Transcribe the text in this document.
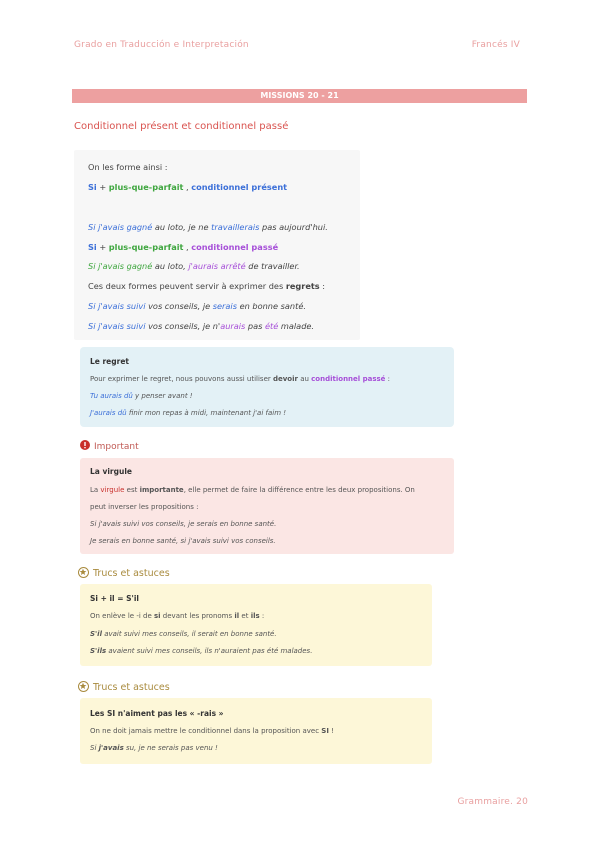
Grado en Traducción e Interpretación	Francés IV
MISSIONS 20 - 21
Conditionnel présent et conditionnel passé
On les forme ainsi :
Si + plus-que-parfait , conditionnel présent
Si j'avais gagné au loto, je ne travaillerais pas aujourd'hui.
Si + plus-que-parfait , conditionnel passé
Si j'avais gagné au loto, j'aurais arrêté de travailler.
Ces deux formes peuvent servir à exprimer des regrets :
Si j'avais suivi vos conseils, je serais en bonne santé.
Si j'avais suivi vos conseils, je n'aurais pas été malade.
Le regret
Pour exprimer le regret, nous pouvons aussi utiliser devoir au conditionnel passé :
Tu aurais dû y penser avant !
J'aurais dû finir mon repas à midi, maintenant j'ai faim !
Important
La virgule
La virgule est importante, elle permet de faire la différence entre les deux propositions. On
peut inverser les propositions :
Si j'avais suivi vos conseils, je serais en bonne santé.
Je serais en bonne santé, si j'avais suivi vos conseils.
Trucs et astuces
Si + il = S'il
On enlève le -i de si devant les pronoms il et ils :
S'il avait suivi mes conseils, il serait en bonne santé.
S'ils avaient suivi mes conseils, ils n'auraient pas été malades.
Trucs et astuces
Les SI n'aiment pas les « -rais »
On ne doit jamais mettre le conditionnel dans la proposition avec SI !
Si j'avais su, je ne serais pas venu !
Grammaire. 20
